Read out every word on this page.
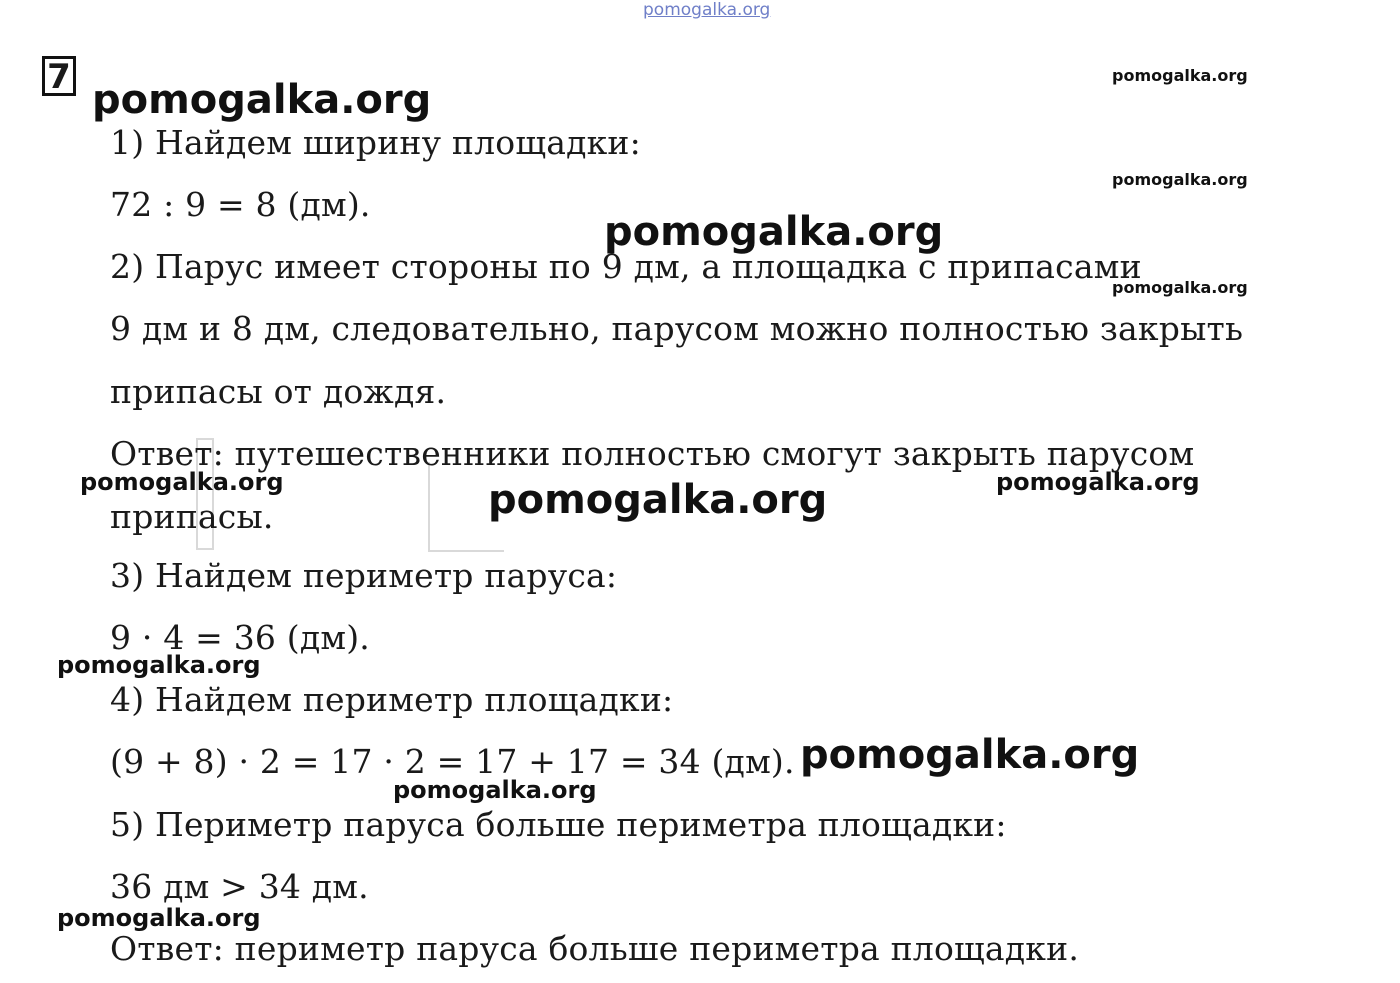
pomogalka.org
pomogalka.org
pomogalka.org
pomogalka.org
pomogalka.org
pomogalka.org
pomogalka.org	pomogalka.org	pomogalka.org
pomogalka.org
pomogalka.org
pomogalka.org
pomogalka.org
7
1) Найдем ширину площадки:
72 : 9 = 8 (дм).
2) Парус имеет стороны по 9 дм, а площадка с припасами
9 дм и 8 дм, следовательно, парусом можно полностью закрыть
припасы от дождя.
Ответ: путешественники полностью смогут закрыть парусом
припасы.
3) Найдем периметр паруса:
9 · 4 = 36 (дм).
4) Найдем периметр площадки:
(9 + 8) · 2 = 17 · 2 = 17 + 17 = 34 (дм).
5) Периметр паруса больше периметра площадки:
36 дм > 34 дм.
Ответ: периметр паруса больше периметра площадки.
